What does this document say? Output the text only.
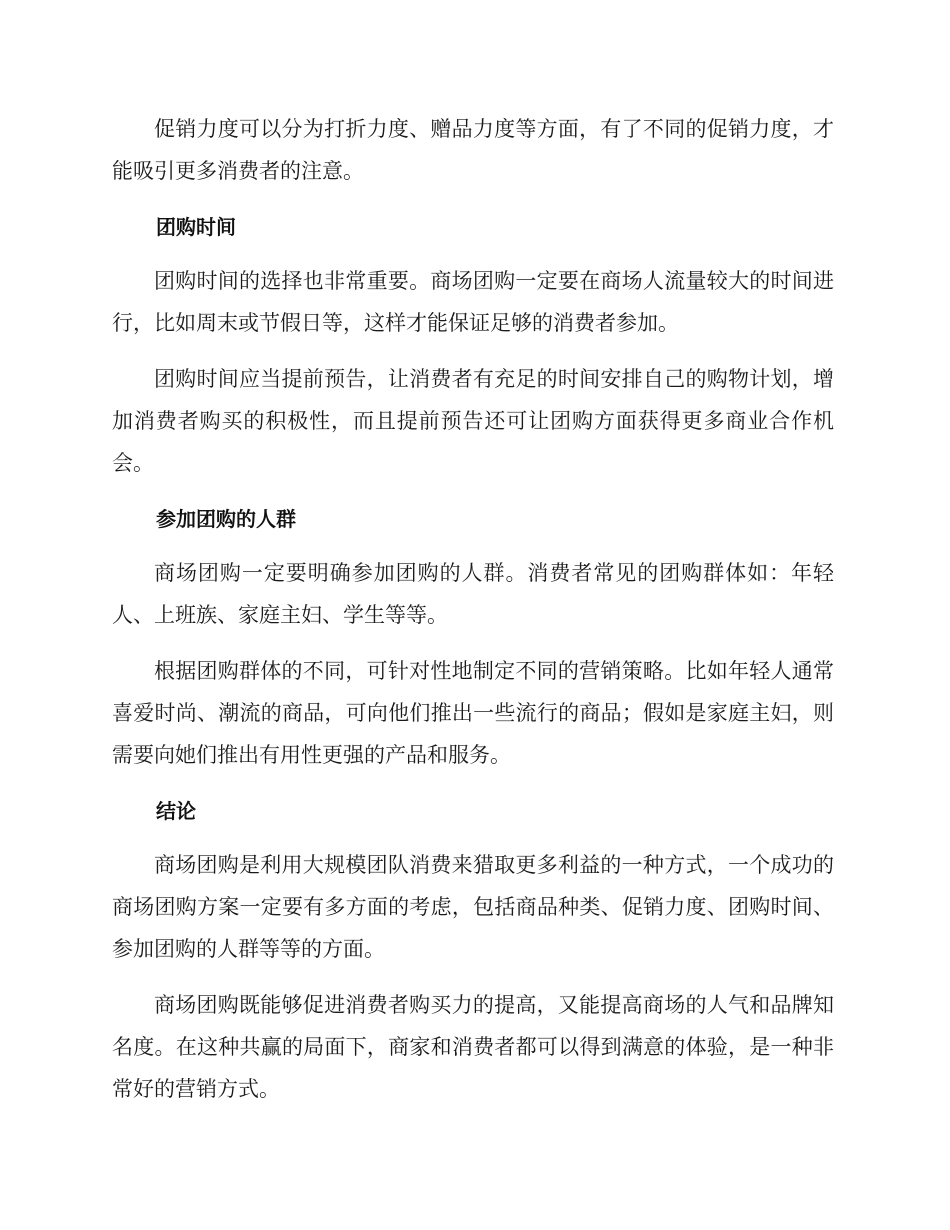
促销力度可以分为打折力度、赠品力度等方面，有了不同的促销力度，才能吸引更多消费者的注意。

团购时间

团购时间的选择也非常重要。商场团购一定要在商场人流量较大的时间进行，比如周末或节假日等，这样才能保证足够的消费者参加。

团购时间应当提前预告，让消费者有充足的时间安排自己的购物计划，增加消费者购买的积极性，而且提前预告还可让团购方面获得更多商业合作机会。

参加团购的人群

商场团购一定要明确参加团购的人群。消费者常见的团购群体如：年轻人、上班族、家庭主妇、学生等等。

根据团购群体的不同，可针对性地制定不同的营销策略。比如年轻人通常喜爱时尚、潮流的商品，可向他们推出一些流行的商品；假如是家庭主妇，则需要向她们推出有用性更强的产品和服务。

结论

商场团购是利用大规模团队消费来猎取更多利益的一种方式，一个成功的商场团购方案一定要有多方面的考虑，包括商品种类、促销力度、团购时间、参加团购的人群等等的方面。

商场团购既能够促进消费者购买力的提高，又能提高商场的人气和品牌知名度。在这种共赢的局面下，商家和消费者都可以得到满意的体验，是一种非常好的营销方式。
